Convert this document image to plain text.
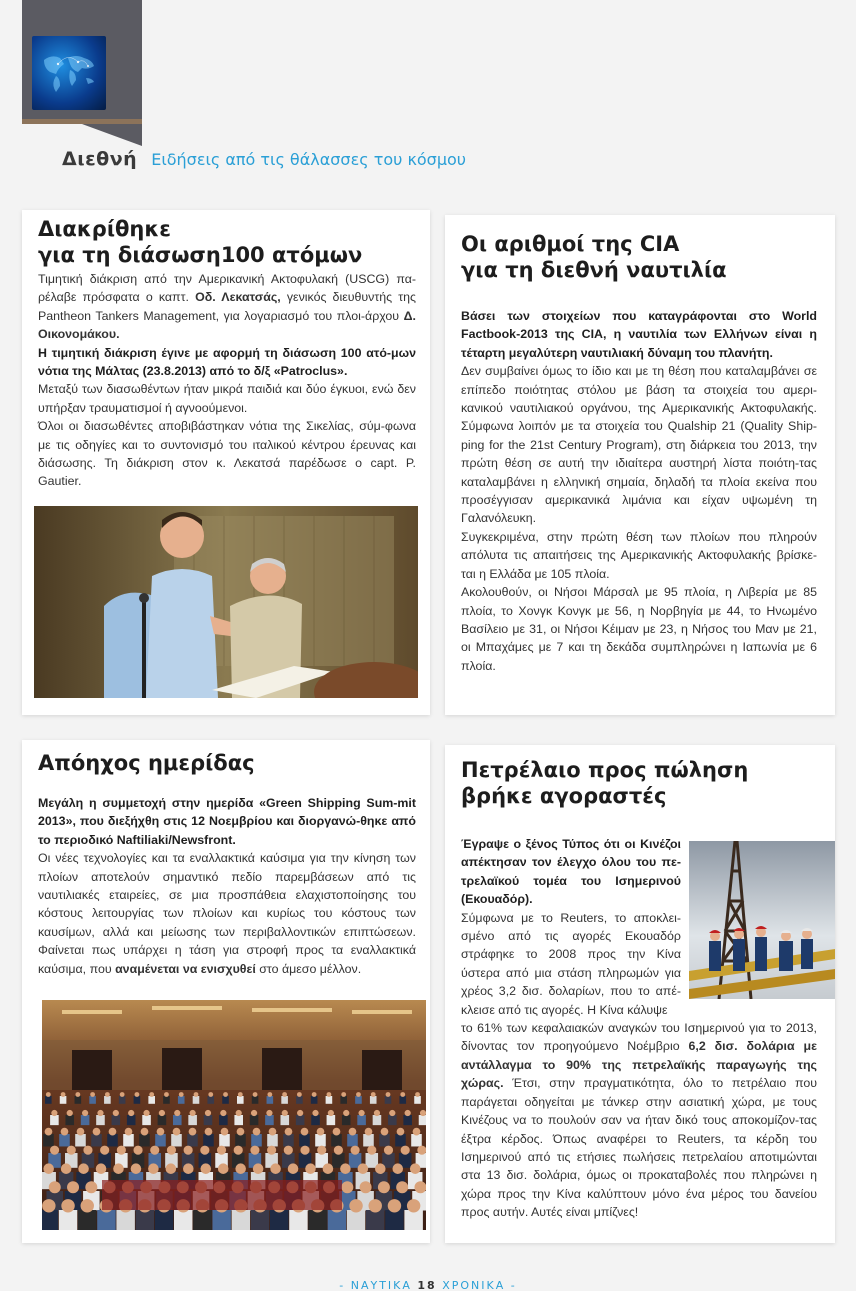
Διεθνή Ειδήσεις από τις θάλασσες του κόσμου
Διακρίθηκε
για τη διάσωση100 ατόμων

Τιμητική διάκριση από την Αμερικανική Ακτοφυλακή (USCG) πα-ρέλαβε πρόσφατα ο καπτ. Οδ. Λεκατσάς, γενικός διευθυντής της Pantheon Tankers Management, για λογαριασμό του πλοι-άρχου Δ. Οικονομάκου.

Η τιμητική διάκριση έγινε με αφορμή τη διάσωση 100 ατό-μων νότια της Μάλτας (23.8.2013) από το δ/ξ «Patroclus».

Μεταξύ των διασωθέντων ήταν μικρά παιδιά και δύο έγκυοι, ενώ δεν υπήρξαν τραυματισμοί ή αγνοούμενοι.

Όλοι οι διασωθέντες αποβιβάστηκαν νότια της Σικελίας, σύμ-φωνα με τις οδηγίες και το συντονισμό του ιταλικού κέντρου έρευνας και διάσωσης. Τη διάκριση στον κ. Λεκατσά παρέδωσε ο capt. P. Gautier.

Οι αριθμοί της CIA
για τη διεθνή ναυτιλία

Βάσει των στοιχείων που καταγράφονται στο World Factbook-2013 της CIA, η ναυτιλία των Ελλήνων είναι η τέταρτη μεγαλύτερη ναυτιλιακή δύναμη του πλανήτη.

Δεν συμβαίνει όμως το ίδιο και με τη θέση που καταλαμβάνει σε επίπεδο ποιότητας στόλου με βάση τα στοιχεία του αμερι-κανικού ναυτιλιακού οργάνου, της Αμερικανικής Ακτοφυλακής. Σύμφωνα λοιπόν με τα στοιχεία του Qualship 21 (Quality Ship-ping for the 21st Century Program), στη διάρκεια του 2013, την πρώτη θέση σε αυτή την ιδιαίτερα αυστηρή λίστα ποιότη-τας καταλαμβάνει η ελληνική σημαία, δηλαδή τα πλοία εκείνα που προσέγγισαν αμερικανικά λιμάνια και είχαν υψωμένη τη Γαλανόλευκη.

Συγκεκριμένα, στην πρώτη θέση των πλοίων που πληρούν απόλυτα τις απαιτήσεις της Αμερικανικής Ακτοφυλακής βρίσκε-ται η Ελλάδα με 105 πλοία.

Ακολουθούν, οι Νήσοι Μάρσαλ με 95 πλοία, η Λιβερία με 85 πλοία, το Χονγκ Κονγκ με 56, η Νορβηγία με 44, το Ηνωμένο Βασίλειο με 31, οι Νήσοι Κέιμαν με 23, η Νήσος του Μαν με 21, οι Μπαχάμες με 7 και τη δεκάδα συμπληρώνει η Ιαπωνία με 6 πλοία.

Απόηχος ημερίδας

Μεγάλη η συμμετοχή στην ημερίδα «Green Shipping Sum-mit 2013», που διεξήχθη στις 12 Νοεμβρίου και διοργανώ-θηκε από το περιοδικό Naftiliaki/Newsfront.

Οι νέες τεχνολογίες και τα εναλλακτικά καύσιμα για την κίνηση των πλοίων αποτελούν σημαντικό πεδίο παρεμβάσεων από τις ναυτιλιακές εταιρείες, σε μια προσπάθεια ελαχιστοποίησης του κόστους λειτουργίας των πλοίων και κυρίως του κόστους των καυσίμων, αλλά και μείωσης των περιβαλλοντικών επιπτώσεων. Φαίνεται πως υπάρχει η τάση για στροφή προς τα εναλλακτικά καύσιμα, που αναμένεται να ενισχυθεί στο άμεσο μέλλον.

Πετρέλαιο προς πώληση
βρήκε αγοραστές

Έγραψε ο ξένος Τύπος ότι οι Κινέζοι απέκτησαν τον έλεγχο όλου του πε-τρελαϊκού τομέα του Ισημερινού (Εκουαδόρ).

Σύμφωνα με το Reuters, το αποκλει-σμένο από τις αγορές Εκουαδόρ στράφηκε το 2008 προς την Κίνα ύστερα από μια στάση πληρωμών για χρέος 3,2 δισ. δολαρίων, που το απέ-κλεισε από τις αγορές. Η Κίνα κάλυψε

το 61% των κεφαλαιακών αναγκών του Ισημερινού για το 2013, δίνοντας τον προηγούμενο Νοέμβριο 6,2 δισ. δολάρια με αντάλλαγμα το 90% της πετρελαϊκής παραγωγής της χώρας. Έτσι, στην πραγματικότητα, όλο το πετρέλαιο που παράγεται οδηγείται με τάνκερ στην ασιατική χώρα, με τους Κινέζους να το πουλούν σαν να ήταν δικό τους αποκομίζον-τας έξτρα κέρδος. Όπως αναφέρει το Reuters, τα κέρδη του Ισημερινού από τις ετήσιες πωλήσεις πετρελαίου αποτιμώνται στα 13 δισ. δολάρια, όμως οι προκαταβολές που πληρώνει η χώρα προς την Κίνα καλύπτουν μόνο ένα μέρος του δανείου προς αυτήν. Αυτές είναι μπίζνες!

- ΝΑΥΤΙΚΑ 18 ΧΡΟΝΙΚΑ -
